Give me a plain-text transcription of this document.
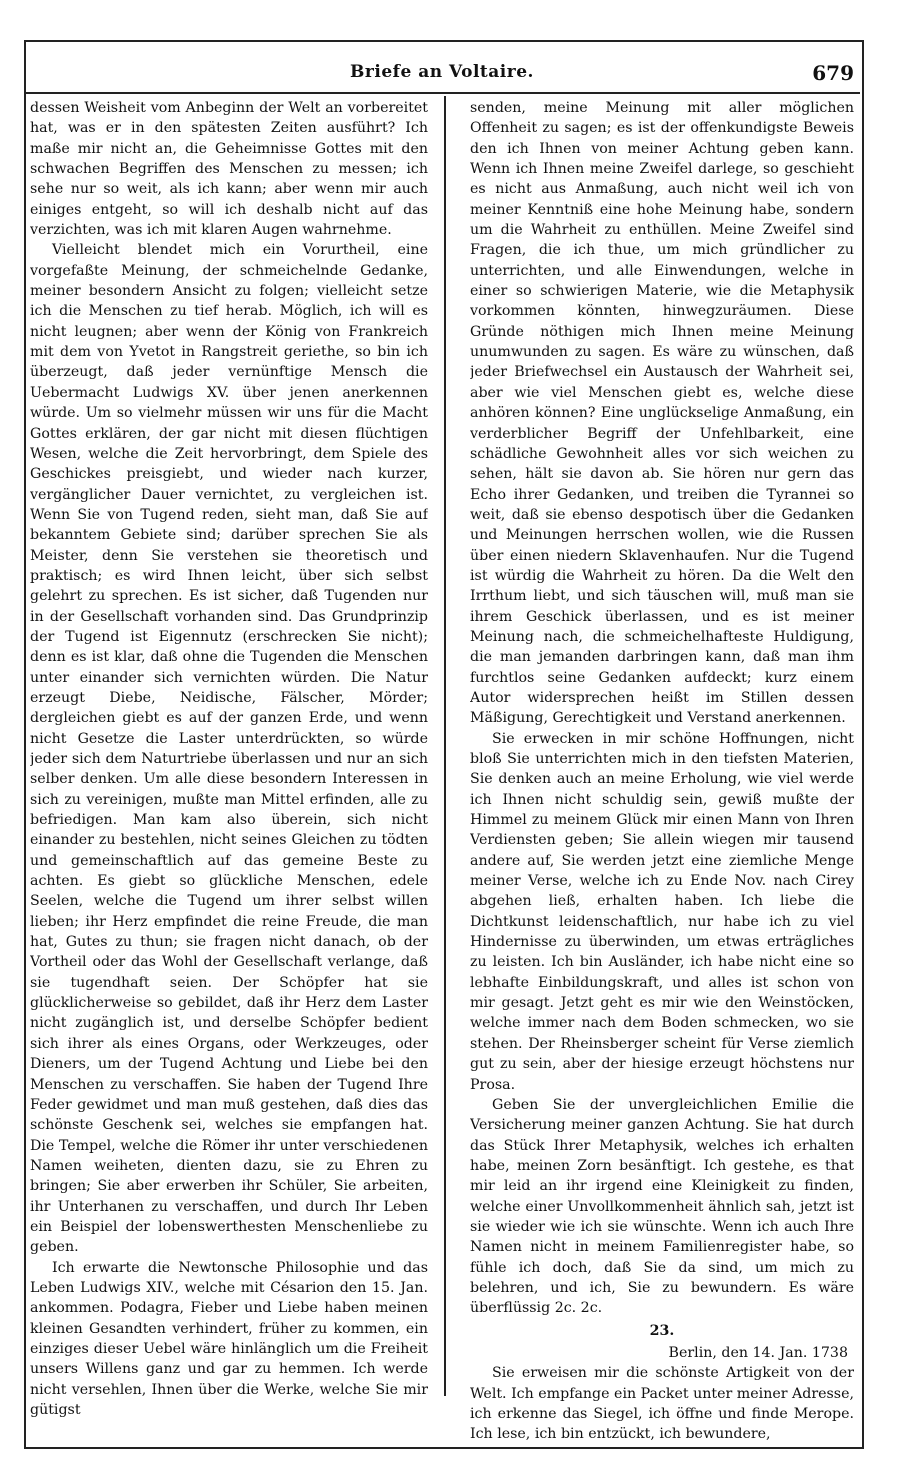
Briefe an Voltaire.	679

dessen Weisheit vom Anbeginn der Welt an vorbereitet hat, was er in den spätesten Zeiten ausführt? Ich maße mir nicht an, die Geheimnisse Gottes mit den schwachen Begriffen des Menschen zu messen; ich sehe nur so weit, als ich kann; aber wenn mir auch einiges entgeht, so will ich deshalb nicht auf das verzichten, was ich mit klaren Augen wahrnehme.

Vielleicht blendet mich ein Vorurtheil, eine vorgefaßte Meinung, der schmeichelnde Gedanke, meiner besondern Ansicht zu folgen; vielleicht setze ich die Menschen zu tief herab. Möglich, ich will es nicht leugnen; aber wenn der König von Frankreich mit dem von Yvetot in Rangstreit geriethe, so bin ich überzeugt, daß jeder vernünftige Mensch die Uebermacht Ludwigs XV. über jenen anerkennen würde. Um so vielmehr müssen wir uns für die Macht Gottes erklären, der gar nicht mit diesen flüchtigen Wesen, welche die Zeit hervorbringt, dem Spiele des Geschickes preisgiebt, und wieder nach kurzer, vergänglicher Dauer vernichtet, zu vergleichen ist. Wenn Sie von Tugend reden, sieht man, daß Sie auf bekanntem Gebiete sind; darüber sprechen Sie als Meister, denn Sie verstehen sie theoretisch und praktisch; es wird Ihnen leicht, über sich selbst gelehrt zu sprechen. Es ist sicher, daß Tugenden nur in der Gesellschaft vorhanden sind. Das Grundprinzip der Tugend ist Eigennutz (erschrecken Sie nicht); denn es ist klar, daß ohne die Tugenden die Menschen unter einander sich vernichten würden. Die Natur erzeugt Diebe, Neidische, Fälscher, Mörder; dergleichen giebt es auf der ganzen Erde, und wenn nicht Gesetze die Laster unterdrückten, so würde jeder sich dem Naturtriebe überlassen und nur an sich selber denken. Um alle diese besondern Interessen in sich zu vereinigen, mußte man Mittel erfinden, alle zu befriedigen. Man kam also überein, sich nicht einander zu bestehlen, nicht seines Gleichen zu tödten und gemeinschaftlich auf das gemeine Beste zu achten. Es giebt so glückliche Menschen, edele Seelen, welche die Tugend um ihrer selbst willen lieben; ihr Herz empfindet die reine Freude, die man hat, Gutes zu thun; sie fragen nicht danach, ob der Vortheil oder das Wohl der Gesellschaft verlange, daß sie tugendhaft seien. Der Schöpfer hat sie glücklicherweise so gebildet, daß ihr Herz dem Laster nicht zugänglich ist, und derselbe Schöpfer bedient sich ihrer als eines Organs, oder Werkzeuges, oder Dieners, um der Tugend Achtung und Liebe bei den Menschen zu verschaffen. Sie haben der Tugend Ihre Feder gewidmet und man muß gestehen, daß dies das schönste Geschenk sei, welches sie empfangen hat. Die Tempel, welche die Römer ihr unter verschiedenen Namen weiheten, dienten dazu, sie zu Ehren zu bringen; Sie aber erwerben ihr Schüler, Sie arbeiten, ihr Unterhanen zu verschaffen, und durch Ihr Leben ein Beispiel der lobenswerthesten Menschenliebe zu geben.

Ich erwarte die Newtonsche Philosophie und das Leben Ludwigs XIV., welche mit Césarion den 15. Jan. ankommen. Podagra, Fieber und Liebe haben meinen kleinen Gesandten verhindert, früher zu kommen, ein einziges dieser Uebel wäre hinlänglich um die Freiheit unsers Willens ganz und gar zu hemmen. Ich werde nicht versehlen, Ihnen über die Werke, welche Sie mir gütigst

senden, meine Meinung mit aller möglichen Offenheit zu sagen; es ist der offenkundigste Beweis den ich Ihnen von meiner Achtung geben kann. Wenn ich Ihnen meine Zweifel darlege, so geschieht es nicht aus Anmaßung, auch nicht weil ich von meiner Kenntniß eine hohe Meinung habe, sondern um die Wahrheit zu enthüllen. Meine Zweifel sind Fragen, die ich thue, um mich gründlicher zu unterrichten, und alle Einwendungen, welche in einer so schwierigen Materie, wie die Metaphysik vorkommen könnten, hinwegzuräumen. Diese Gründe nöthigen mich Ihnen meine Meinung unumwunden zu sagen. Es wäre zu wünschen, daß jeder Briefwechsel ein Austausch der Wahrheit sei, aber wie viel Menschen giebt es, welche diese anhören können? Eine unglückselige Anmaßung, ein verderblicher Begriff der Unfehlbarkeit, eine schädliche Gewohnheit alles vor sich weichen zu sehen, hält sie davon ab. Sie hören nur gern das Echo ihrer Gedanken, und treiben die Tyrannei so weit, daß sie ebenso despotisch über die Gedanken und Meinungen herrschen wollen, wie die Russen über einen niedern Sklavenhaufen. Nur die Tugend ist würdig die Wahrheit zu hören. Da die Welt den Irrthum liebt, und sich täuschen will, muß man sie ihrem Geschick überlassen, und es ist meiner Meinung nach, die schmeichelhafteste Huldigung, die man jemanden darbringen kann, daß man ihm furchtlos seine Gedanken aufdeckt; kurz einem Autor widersprechen heißt im Stillen dessen Mäßigung, Gerechtigkeit und Verstand anerkennen.

Sie erwecken in mir schöne Hoffnungen, nicht bloß Sie unterrichten mich in den tiefsten Materien, Sie denken auch an meine Erholung, wie viel werde ich Ihnen nicht schuldig sein, gewiß mußte der Himmel zu meinem Glück mir einen Mann von Ihren Verdiensten geben; Sie allein wiegen mir tausend andere auf, Sie werden jetzt eine ziemliche Menge meiner Verse, welche ich zu Ende Nov. nach Cirey abgehen ließ, erhalten haben. Ich liebe die Dichtkunst leidenschaftlich, nur habe ich zu viel Hindernisse zu überwinden, um etwas erträgliches zu leisten. Ich bin Ausländer, ich habe nicht eine so lebhafte Einbildungskraft, und alles ist schon von mir gesagt. Jetzt geht es mir wie den Weinstöcken, welche immer nach dem Boden schmecken, wo sie stehen. Der Rheinsberger scheint für Verse ziemlich gut zu sein, aber der hiesige erzeugt höchstens nur Prosa.

Geben Sie der unvergleichlichen Emilie die Versicherung meiner ganzen Achtung. Sie hat durch das Stück Ihrer Metaphysik, welches ich erhalten habe, meinen Zorn besänftigt. Ich gestehe, es that mir leid an ihr irgend eine Kleinigkeit zu finden, welche einer Unvollkommenheit ähnlich sah, jetzt ist sie wieder wie ich sie wünschte. Wenn ich auch Ihre Namen nicht in meinem Familienregister habe, so fühle ich doch, daß Sie da sind, um mich zu belehren, und ich, Sie zu bewundern. Es wäre überflüssig 2c. 2c.

23.
Berlin, den 14. Jan. 1738

Sie erweisen mir die schönste Artigkeit von der Welt. Ich empfange ein Packet unter meiner Adresse, ich erkenne das Siegel, ich öffne und finde Merope. Ich lese, ich bin entzückt, ich bewundere,
